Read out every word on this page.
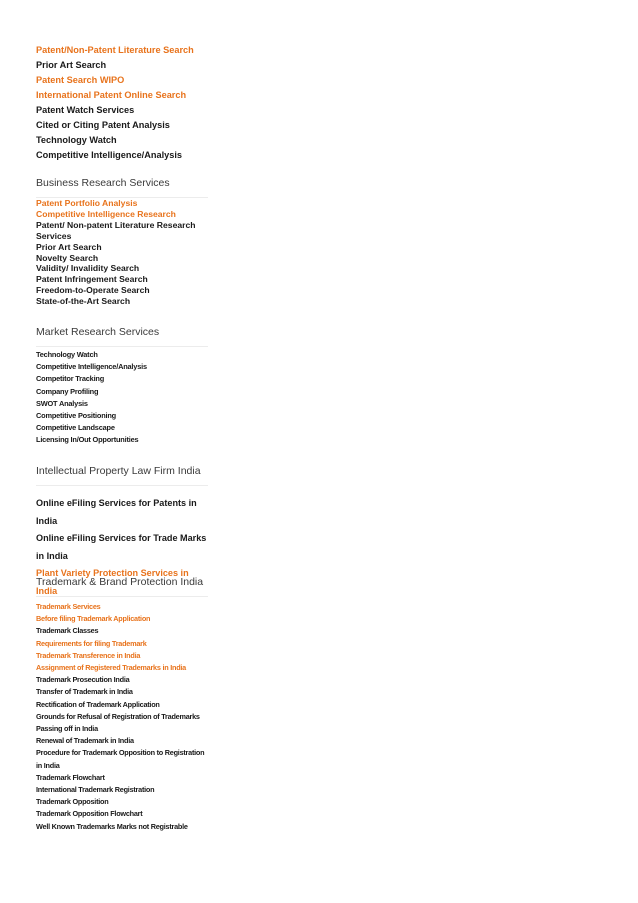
Patent/Non-Patent Literature Search
Prior Art Search
Patent Search WIPO
International Patent Online Search
Patent Watch Services
Cited or Citing Patent Analysis
Technology Watch
Competitive Intelligence/Analysis
Business Research Services
Patent Portfolio Analysis
Competitive Intelligence Research
Patent/ Non-patent Literature Research Services
Prior Art Search
Novelty Search
Validity/ Invalidity Search
Patent Infringement Search
Freedom-to-Operate Search
State-of-the-Art Search
Market Research Services
Technology Watch
Competitive Intelligence/Analysis
Competitor Tracking
Company Profiling
SWOT Analysis
Competitive Positioning
Competitive Landscape
Licensing In/Out Opportunities
Intellectual Property Law Firm India
Online eFiling Services for Patents in India
Online eFiling Services for Trade Marks in India
Plant Variety Protection Services in India
Trademark & Brand Protection India
Trademark Services
Before filing Trademark Application
Trademark Classes
Requirements for filing Trademark
Trademark Transference in India
Assignment of Registered Trademarks in India
Trademark Prosecution India
Transfer of Trademark in India
Rectification of Trademark Application
Grounds for Refusal of Registration of Trademarks
Passing off in India
Renewal of Trademark in India
Procedure for Trademark Opposition to Registration in India
Trademark Flowchart
International Trademark Registration
Trademark Opposition
Trademark Opposition Flowchart
Well Known Trademarks Marks not Registrable
